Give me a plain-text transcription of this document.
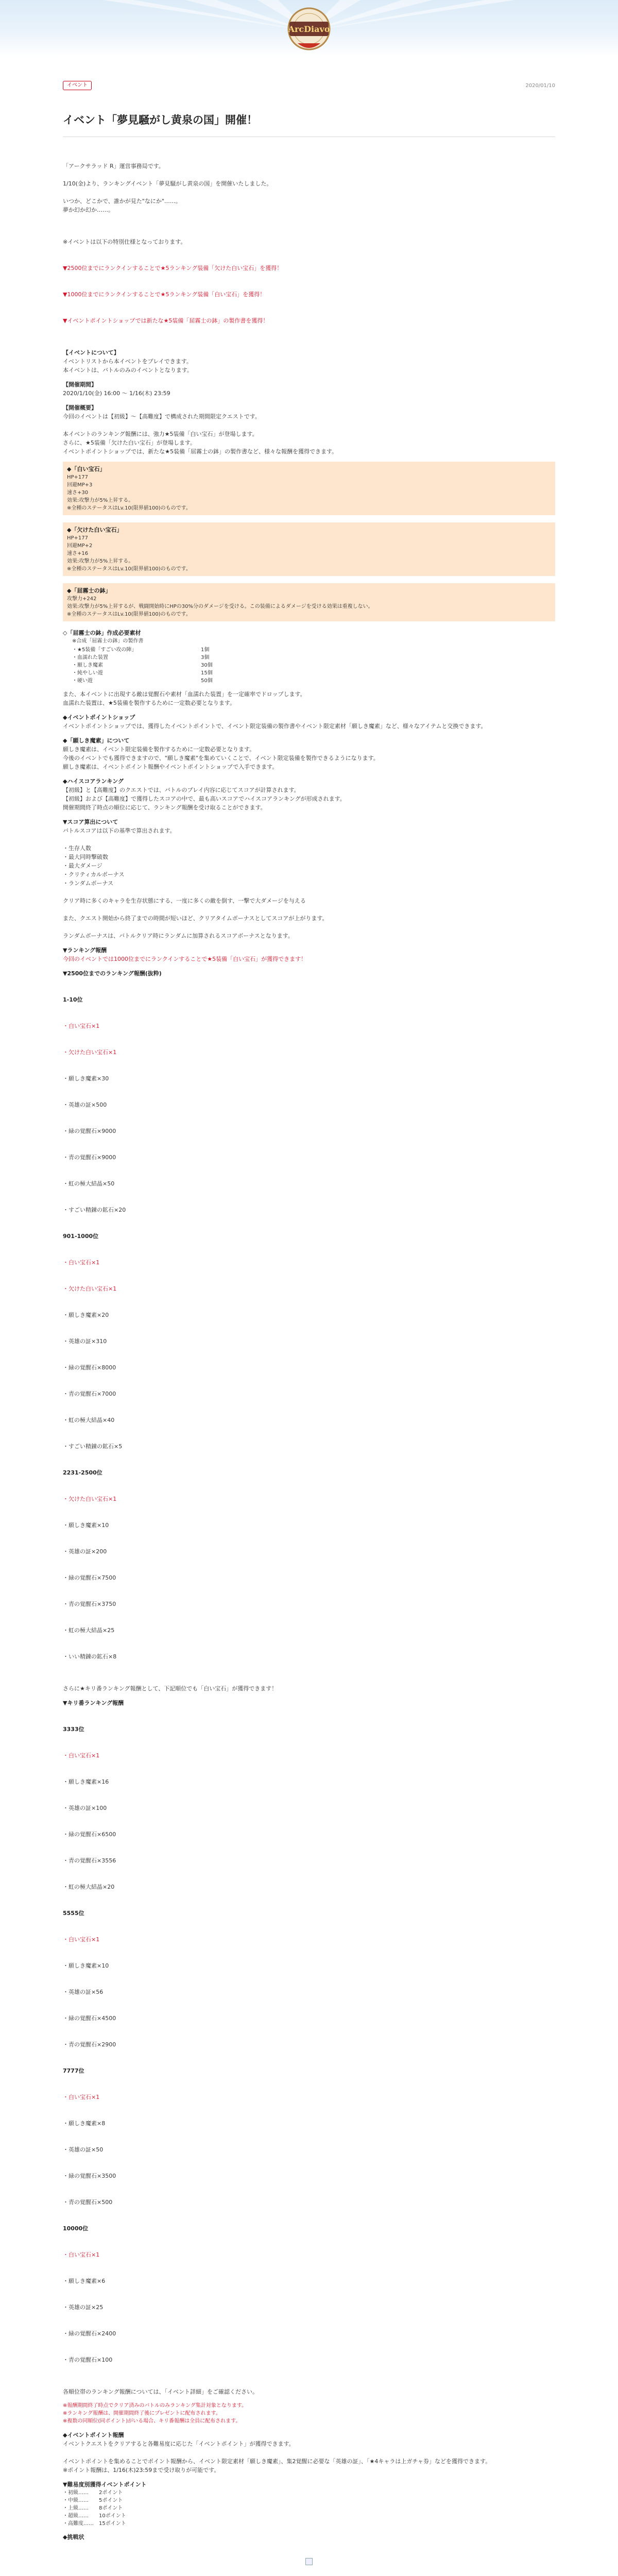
ArcDiavo
イベント	2020/01/10
イベント「夢見騒がし黄泉の国」開催！
「アークサラッド R」運営事務局です。

1/10(金)より、ランキングイベント「夢見騒がし黄泉の国」を開催いたしました。

いつか、どこかで、誰かが見た"なにか"……。
夢か幻か幻か……。

※イベントは以下の特別仕様となっております。

▼2500位までにランクインすることで★5ランキング装備「欠けた白い宝石」を獲得！

▼1000位までにランクインすることで★5ランキング装備「白い宝石」を獲得！

▼イベントポイントショップでは新たな★5装備「屈霧士の鉢」の製作書を獲得！

【イベントについて】
イベントリストから本イベントをプレイできます。
本イベントは、バトルのみのイベントとなります。
【開催期間】
2020/1/10(金) 16:00 〜 1/16(木) 23:59
【開催概要】
今回のイベントは【初級】〜【高難度】で構成された期間限定クエストです。

本イベントのランキング報酬には、強力★5装備「白い宝石」が登場します。
さらに、★5装備「欠けた白い宝石」が登場します。
イベントポイントショップでは、新たな★5装備「屈霧士の鉢」の製作書など、様々な報酬を獲得できます。
◆「白い宝石」
HP+177
回避MP+3
速さ+30
効果:攻撃力が5%上昇する。
※全種のステータスはLv.10(限界値100)のものです。
◆「欠けた白い宝石」
HP+177
回避MP+2
速さ+16
効果:攻撃力が5%上昇する。
※全種のステータスはLv.10(限界値100)のものです。
◆「屈霧士の鉢」
攻撃力+242
効果:攻撃力が5%上昇するが、戦闘開始時にHPの30%分のダメージを受ける。この装備によるダメージを受ける効果は重複しない。
※全種のステータスはLv.10(限界値100)のものです。
◇「屈霧士の鉢」作成必要素材
※合成「屈霧士の鉢」の製作書
・★5装備「すごい攻の陣」	1個
・血濡れた装置	3個
・願しき魔素	30個
・純やしい遊	15個
・硬い遊	50個
また、本イベントに出現する敵は覚醒石や素材「血濡れた装置」を一定確率でドロップします。
血濡れた装置は、★5装備を製作するために一定数必要となります。
◆イベントポイントショップ
イベントポイントショップでは、獲得したイベントポイントで、イベント限定装備の製作書やイベント限定素材「願しき魔素」など、様々なアイテムと交換できます。
◆「願しき魔素」について
願しき魔素は、イベント限定装備を製作するために一定数必要となります。
今後のイベントでも獲得できますので、"願しき魔素"を集めていくことで、イベント限定装備を製作できるようになります。
願しき魔素は、イベントポイント報酬やイベントポイントショップで入手できます。
◆ハイスコアランキング
【初級】と【高難度】のクエストでは、バトルのプレイ内容に応じてスコアが計算されます。
【初級】および【高難度】で獲得したスコアの中で、最も高いスコアでハイスコアランキングが形成されます。
開催期間終了時点の順位に応じて、ランキング報酬を受け取ることができます。
▼スコア算出について
バトルスコアは以下の基準で算出されます。

・生存人数
・最大同時撃破数
・最大ダメージ
・クリティカルボーナス
・ランダムボーナス

クリア時に多くのキャラを生存状態にする、一度に多くの敵を倒す、一撃で大ダメージを与える

また、クエスト開始から終了までの時間が短いほど、クリアタイムボーナスとしてスコアが上がります。

ランダムボーナスは、バトルクリア時にランダムに加算されるスコアボーナスとなります。
▼ランキング報酬
今回のイベントでは1000位までにランクインすることで★5装備「白い宝石」が獲得できます！
▼2500位までのランキング報酬(抜粋)

1-10位

・白い宝石×1

・欠けた白い宝石×1

・願しき魔素×30

・英雄の証×500

・緑の覚醒石×9000

・青の覚醒石×9000

・虹の極大結晶×50

・すごい精錬の鉱石×20

901-1000位

・白い宝石×1

・欠けた白い宝石×1

・願しき魔素×20

・英雄の証×310

・緑の覚醒石×8000

・青の覚醒石×7000

・虹の極大結晶×40

・すごい精錬の鉱石×5

2231-2500位

・欠けた白い宝石×1

・願しき魔素×10

・英雄の証×200

・緑の覚醒石×7500

・青の覚醒石×3750

・虹の極大結晶×25

・いい精錬の鉱石×8

さらに★キリ番ランキング報酬として、下記順位でも「白い宝石」が獲得できます！
▼キリ番ランキング報酬

3333位

・白い宝石×1

・願しき魔素×16

・英雄の証×100

・緑の覚醒石×6500

・青の覚醒石×3556

・虹の極大結晶×20

5555位

・白い宝石×1

・願しき魔素×10

・英雄の証×56

・緑の覚醒石×4500

・青の覚醒石×2900

7777位

・白い宝石×1

・願しき魔素×8

・英雄の証×50

・緑の覚醒石×3500

・青の覚醒石×500

10000位

・白い宝石×1

・願しき魔素×6

・英雄の証×25

・緑の覚醒石×2400

・青の覚醒石×100

各順位帯のランキング報酬については、「イベント詳細」をご確認ください。
※報酬期間終了時点でクリア済みのバトルのみランキング集計対象となります。
※ランキング報酬は、開催期間終了後にプレゼントに配布されます。
※複数の同順位(同ポイント)がいる場合、キリ番報酬は全員に配布されます。
◆イベントポイント報酬
イベントクエストをクリアすると各難易度に応じた「イベントポイント」が獲得できます。

イベントポイントを集めることでポイント報酬から、イベント限定素材「願しき魔素」、集2覚醒に必要な「英雄の証」、「★4キャラは上ガチャ券」などを獲得できます。
※ポイント報酬は、1/16(木)23:59まで受け取りが可能です。
▼難易度別獲得イベントポイント
・初級……	2ポイント
・中級……	5ポイント
・上級……	8ポイント
・超級……	10ポイント
・高難度……	15ポイント
◆挑戦状
